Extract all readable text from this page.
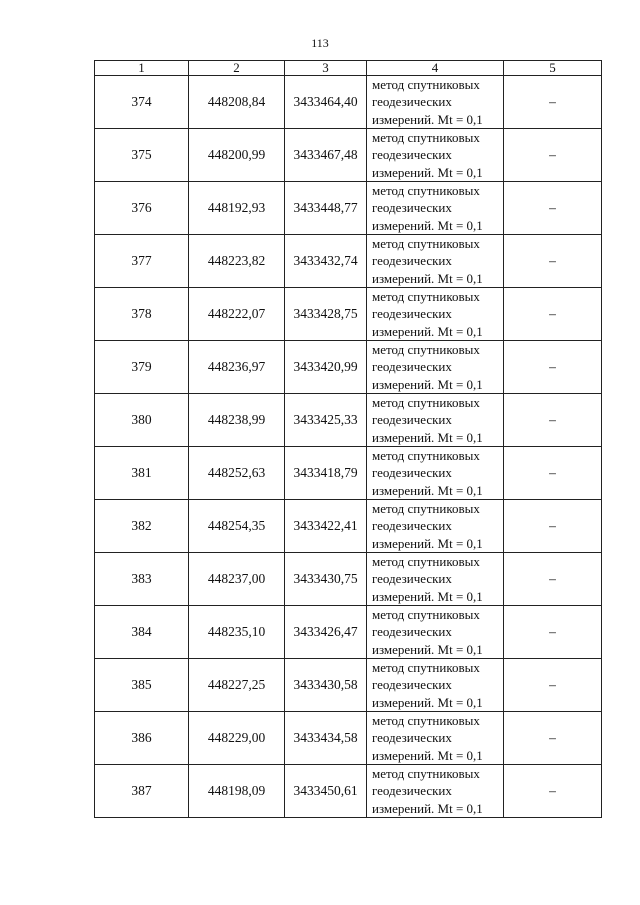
113
1	2	3	4	5
374	448208,84	3433464,40	метод спутниковых
геодезических
измерений. Mt = 0,1	–
375	448200,99	3433467,48	метод спутниковых
геодезических
измерений. Mt = 0,1	–
376	448192,93	3433448,77	метод спутниковых
геодезических
измерений. Mt = 0,1	–
377	448223,82	3433432,74	метод спутниковых
геодезических
измерений. Mt = 0,1	–
378	448222,07	3433428,75	метод спутниковых
геодезических
измерений. Mt = 0,1	–
379	448236,97	3433420,99	метод спутниковых
геодезических
измерений. Mt = 0,1	–
380	448238,99	3433425,33	метод спутниковых
геодезических
измерений. Mt = 0,1	–
381	448252,63	3433418,79	метод спутниковых
геодезических
измерений. Mt = 0,1	–
382	448254,35	3433422,41	метод спутниковых
геодезических
измерений. Mt = 0,1	–
383	448237,00	3433430,75	метод спутниковых
геодезических
измерений. Mt = 0,1	–
384	448235,10	3433426,47	метод спутниковых
геодезических
измерений. Mt = 0,1	–
385	448227,25	3433430,58	метод спутниковых
геодезических
измерений. Mt = 0,1	–
386	448229,00	3433434,58	метод спутниковых
геодезических
измерений. Mt = 0,1	–
387	448198,09	3433450,61	метод спутниковых
геодезических
измерений. Mt = 0,1	–
